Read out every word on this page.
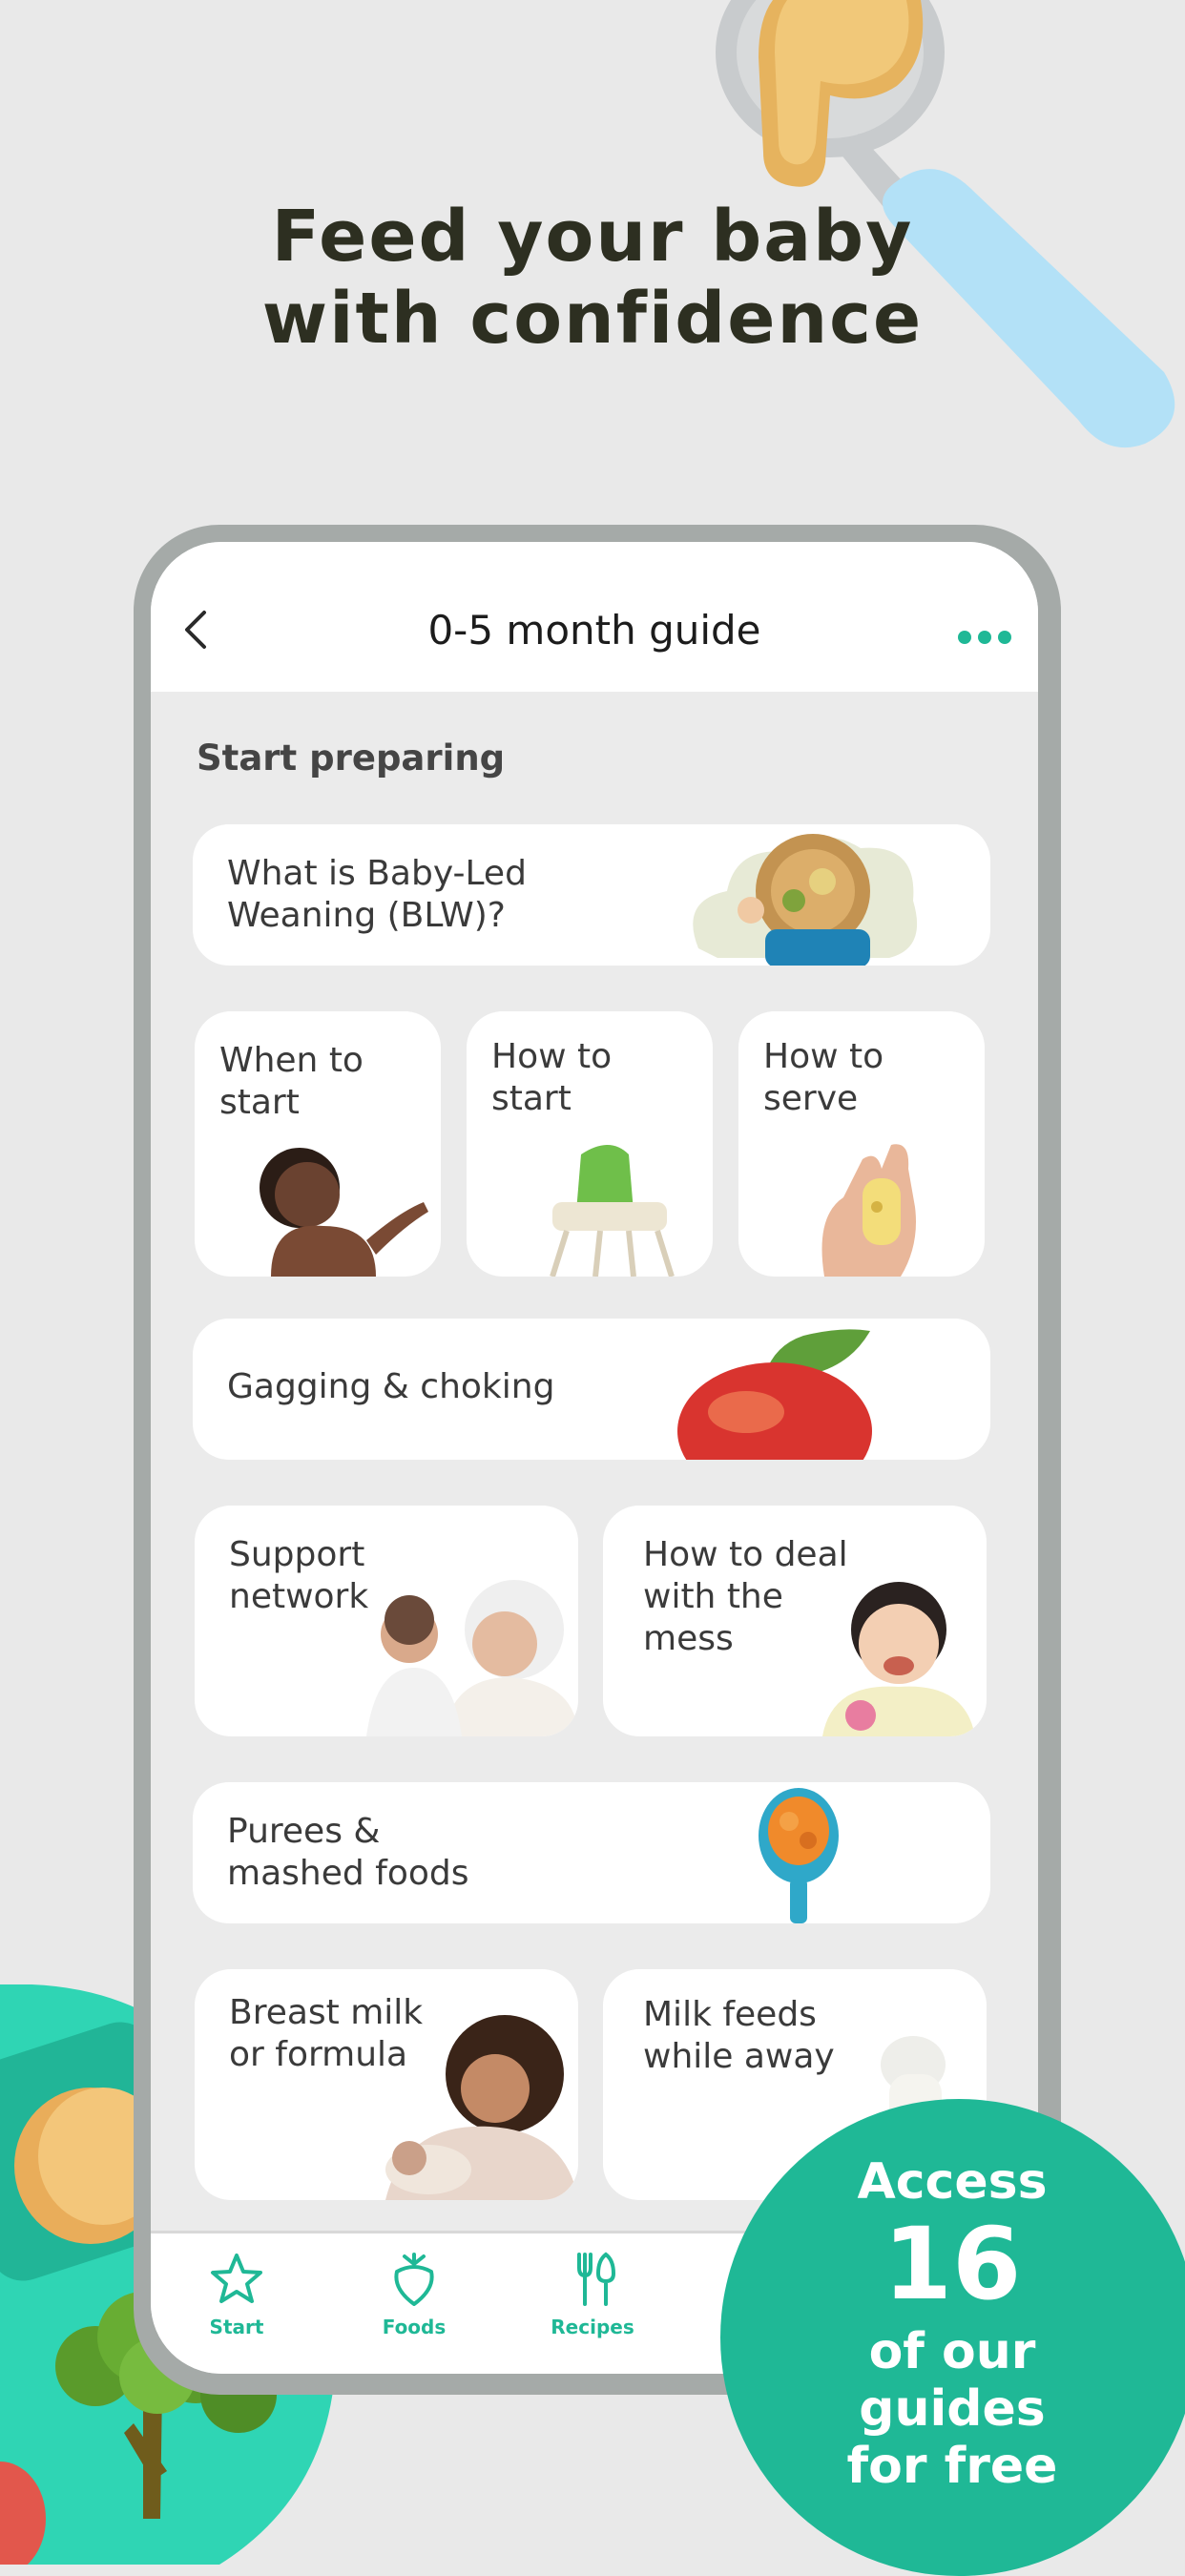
Feed your baby
with confidence
0-5 month guide
Start preparing
What is Baby-Led
Weaning (BLW)?
When to
start
How to
start
How to
serve
Gagging & choking
Support
network
How to deal
with the
mess
Purees &
mashed foods
Breast milk
or formula
Milk feeds
while away
Start	Foods	Recipes
Access
16
of our
guides
for free
